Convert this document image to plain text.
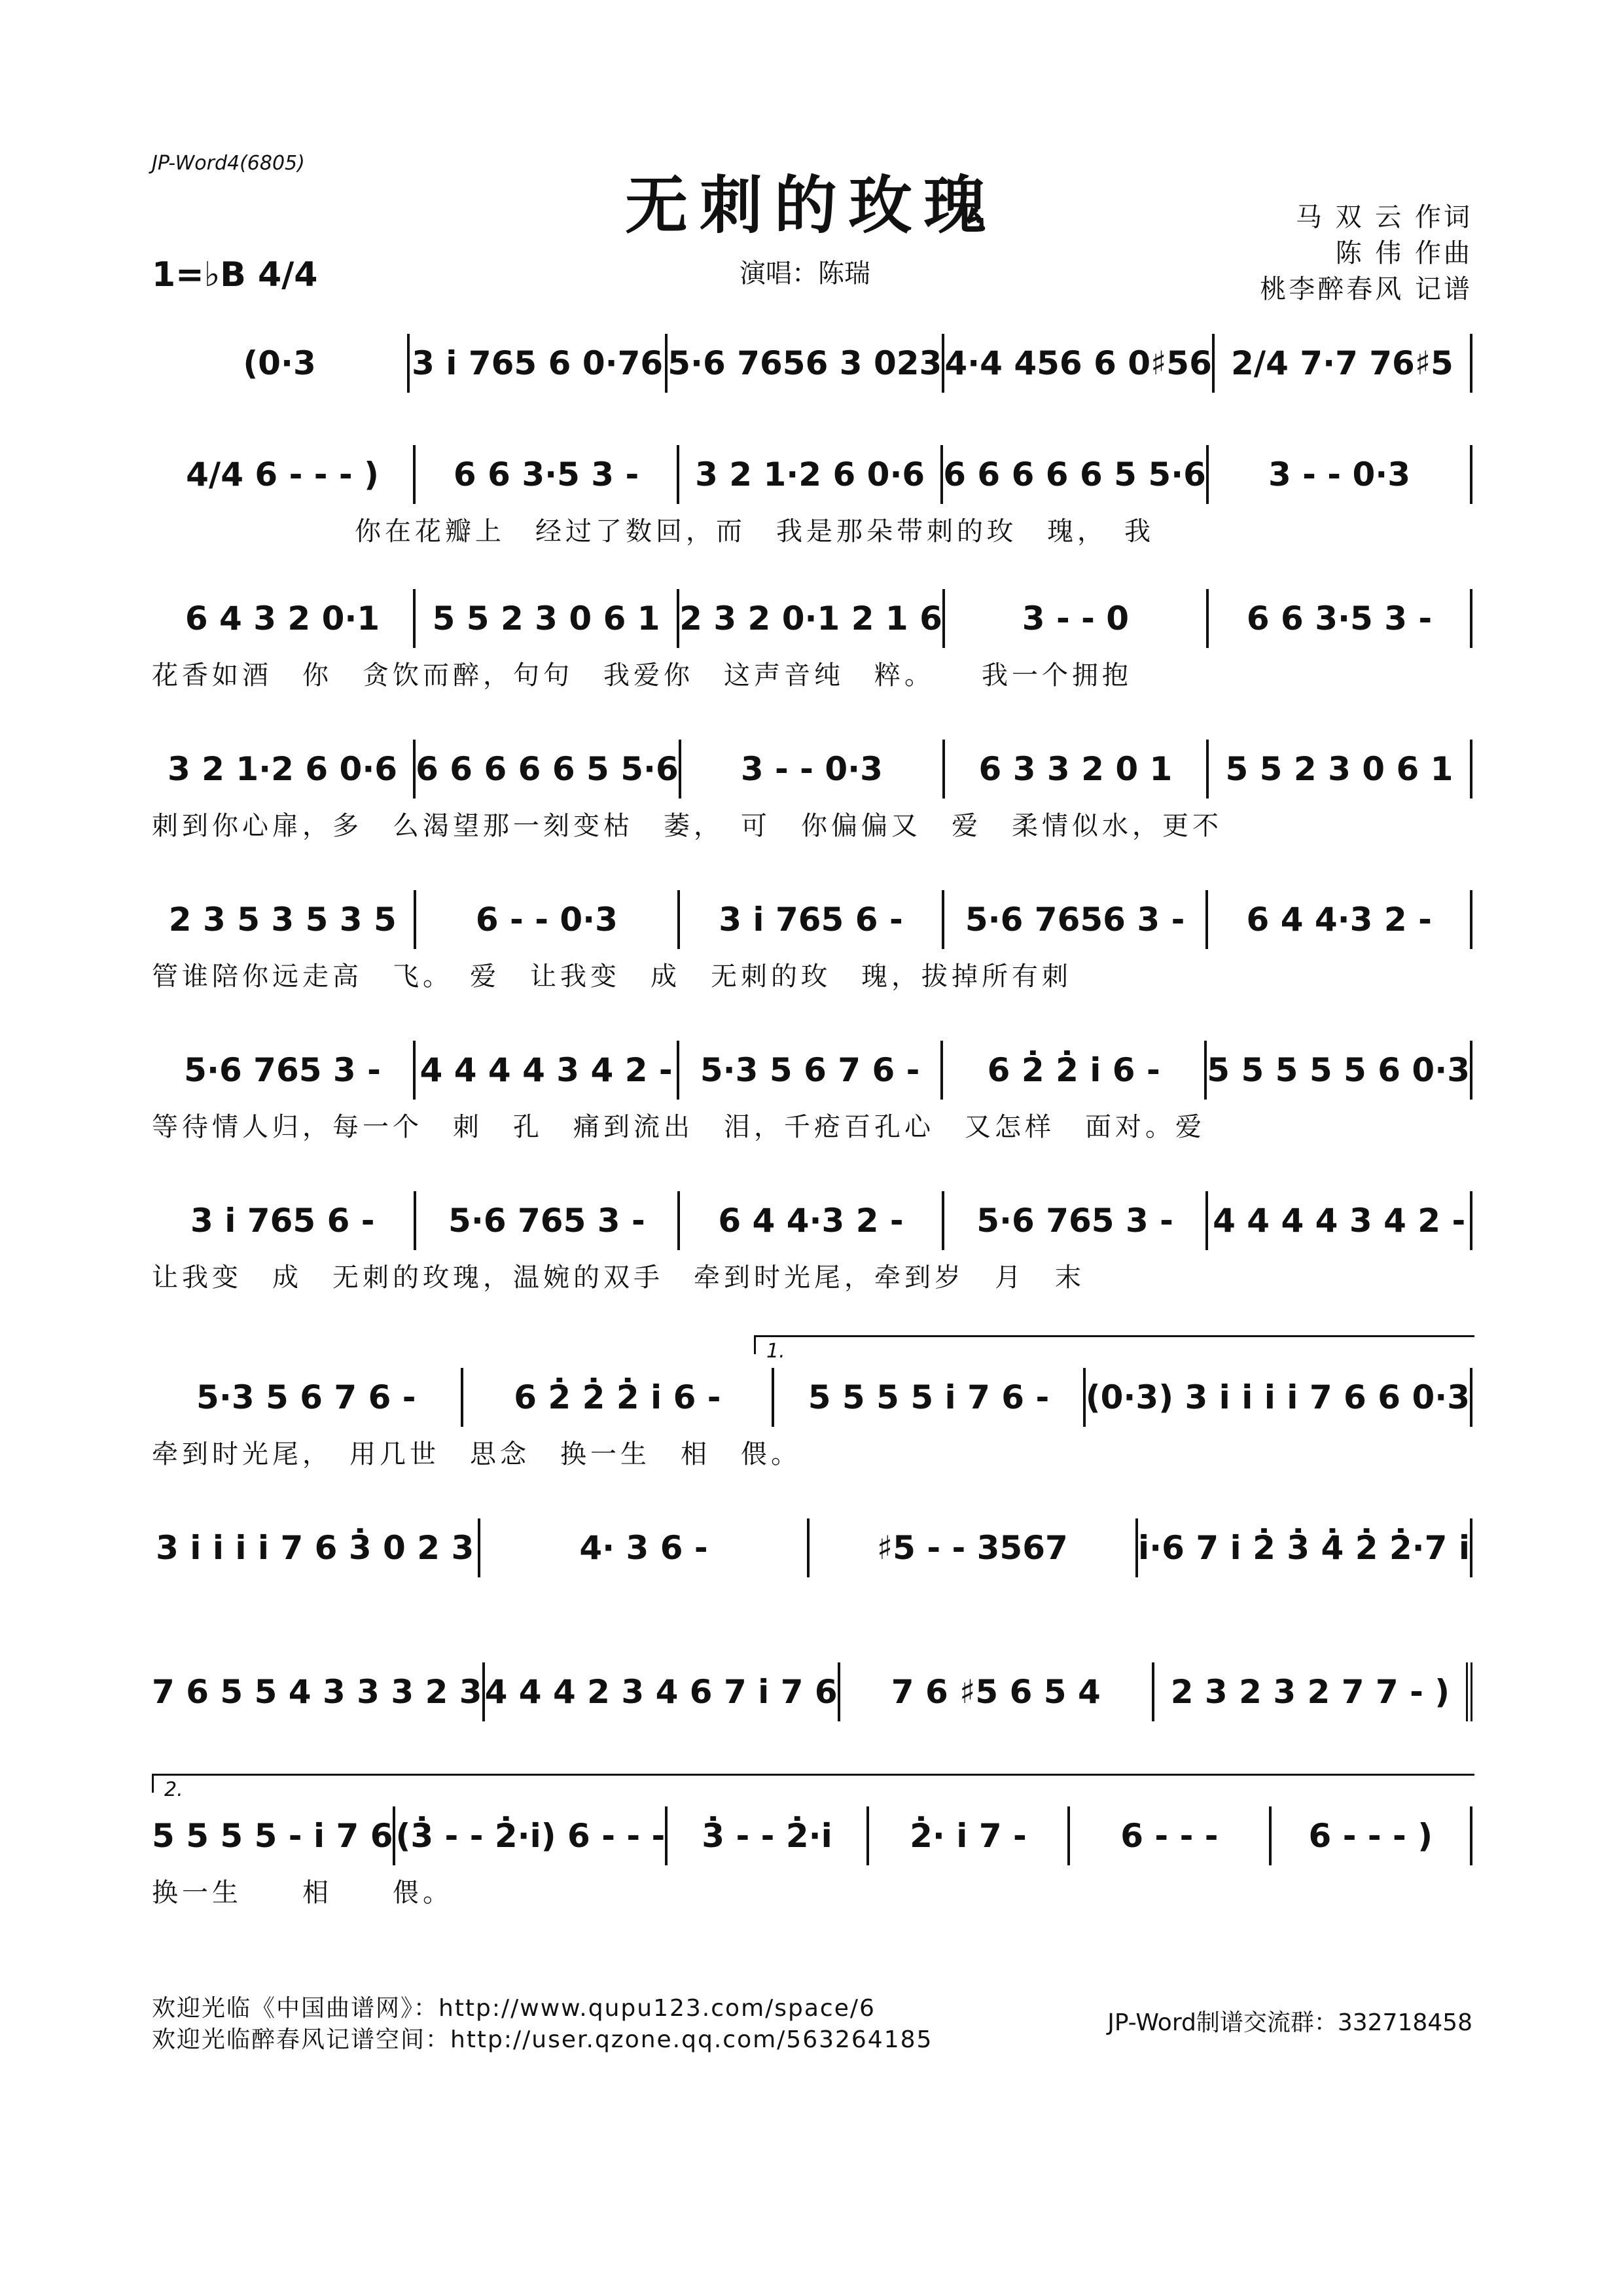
JP-Word4(6805)
无刺的玫瑰
1=♭B 4/4	演唱：陈瑞
马 双 云 作词
陈 伟 作曲
桃李醉春风 记谱
(0·3	3 i̇ 765 6 0·76 5·6 7656 3 023 4·4 456 6 0♯56 2/4 7·7 76♯5
4/4 6 - - - )	6 6 3·5 3 -	3 2 1·2 6 0·6 6 6 6 6 6 5 5·6	3 - - 0·3
你在花瓣上　经过了数回，而　我是那朵带刺的玫　瑰，　我
6 4 3 2 0·1	5 5 2 3 0 6 1 2 3 2 0·1 2 1 6	3 - - 0	6 6 3·5 3 -
花香如酒　你　贪饮而醉，句句　我爱你　这声音纯　粹。　　我一个拥抱
3 2 1·2 6 0·6 6 6 6 6 6 5 5·6	3 - - 0·3	6 3 3 2 0 1	5 5 2 3 0 6 1
刺到你心扉，多　么渴望那一刻变枯　萎，　可　你偏偏又　爱　柔情似水，更不
2 3 5 3 5 3 5	6 - - 0·3	3 i̇ 765 6 -	5·6 7656 3 -	6 4 4·3 2 -
管谁陪你远走高　飞。　爱　让我变　成　无刺的玫　瑰，拔掉所有刺
5·6 765 3 -	4 4 4 4 3 4 2 - 5·3 5 6 7 6 -	6 2̇ 2̇ i̇ 6 -	5 5 5 5 5 6 0·3
等待情人归，每一个　刺　孔　痛到流出　泪，千疮百孔心　又怎样　面对。爱
3 i̇ 765 6 -	5·6 765 3 -	6 4 4·3 2 -	5·6 765 3 -	4 4 4 4 3 4 2 -
让我变　成　无刺的玫瑰，温婉的双手　牵到时光尾，牵到岁　月　末
1.
5·3 5 6 7 6 -	6 2̇ 2̇ 2̇ i̇ 6 -	5 5 5 5 i̇ 7 6 -	(0·3) 3 i̇ i̇ i̇ i̇ 7 6 6 0·3
牵到时光尾，　用几世　思念　换一生　相　偎。
3 i̇ i̇ i̇ i̇ 7 6 3̇ 0 2 3	4· 3 6 -	♯5 - - 3567	i̇·6 7 i̇ 2̇ 3̇ 4̇ 2̇ 2̇·7 i̇
7 6 5 5 4 3 3 3 2 3 4 4 4 2 3 4 6 7 i̇ 7 6	7 6 ♯5 6 5 4	2 3 2 3 2 7 7 - )
2.
5 5 5 5 - i̇ 7 6 (3̇ - - 2̇·i̇) 6 - - -	3̇ - - 2̇·i̇	2̇· i̇ 7 -	6 - - -	6 - - - )
换一生　　相　　偎。
欢迎光临《中国曲谱网》：http://www.qupu123.com/space/6
欢迎光临醉春风记谱空间：http://user.qzone.qq.com/563264185
JP-Word制谱交流群：332718458
